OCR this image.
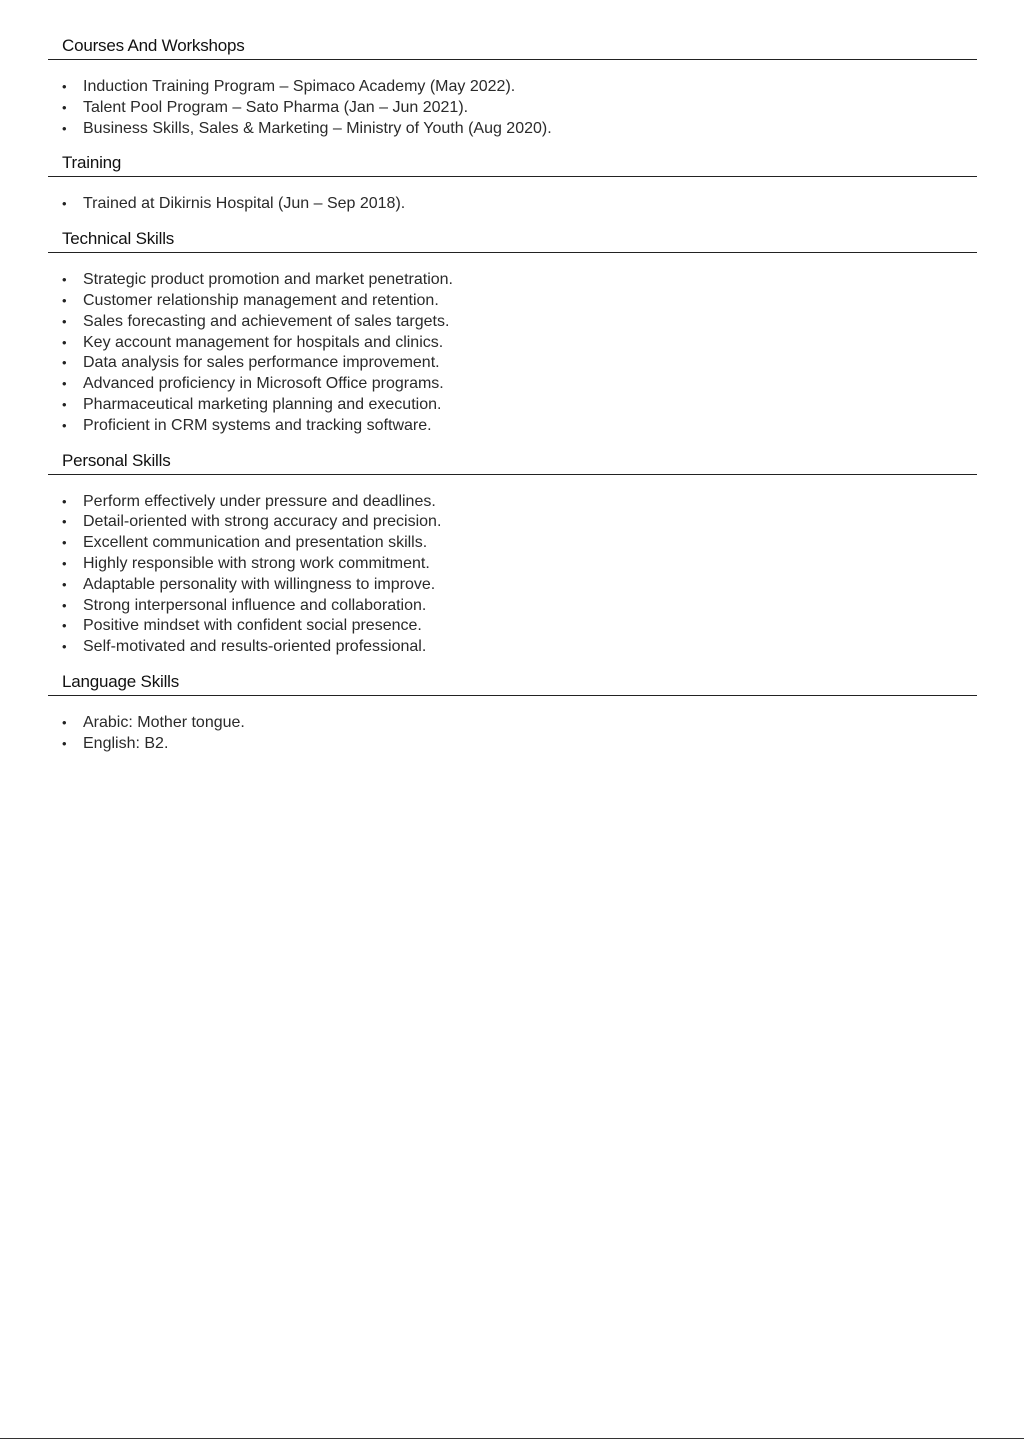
Courses And Workshops
•	Induction Training Program – Spimaco Academy (May 2022).
•	Talent Pool Program – Sato Pharma (Jan – Jun 2021).
•	Business Skills, Sales & Marketing – Ministry of Youth (Aug 2020).
Training
•	Trained at Dikirnis Hospital (Jun – Sep 2018).
Technical Skills
•	Strategic product promotion and market penetration.
•	Customer relationship management and retention.
•	Sales forecasting and achievement of sales targets.
•	Key account management for hospitals and clinics.
•	Data analysis for sales performance improvement.
•	Advanced proficiency in Microsoft Office programs.
•	Pharmaceutical marketing planning and execution.
•	Proficient in CRM systems and tracking software.
Personal Skills
•	Perform effectively under pressure and deadlines.
•	Detail-oriented with strong accuracy and precision.
•	Excellent communication and presentation skills.
•	Highly responsible with strong work commitment.
•	Adaptable personality with willingness to improve.
•	Strong interpersonal influence and collaboration.
•	Positive mindset with confident social presence.
•	Self-motivated and results-oriented professional.
Language Skills
•	Arabic: Mother tongue.
•	English: B2.
